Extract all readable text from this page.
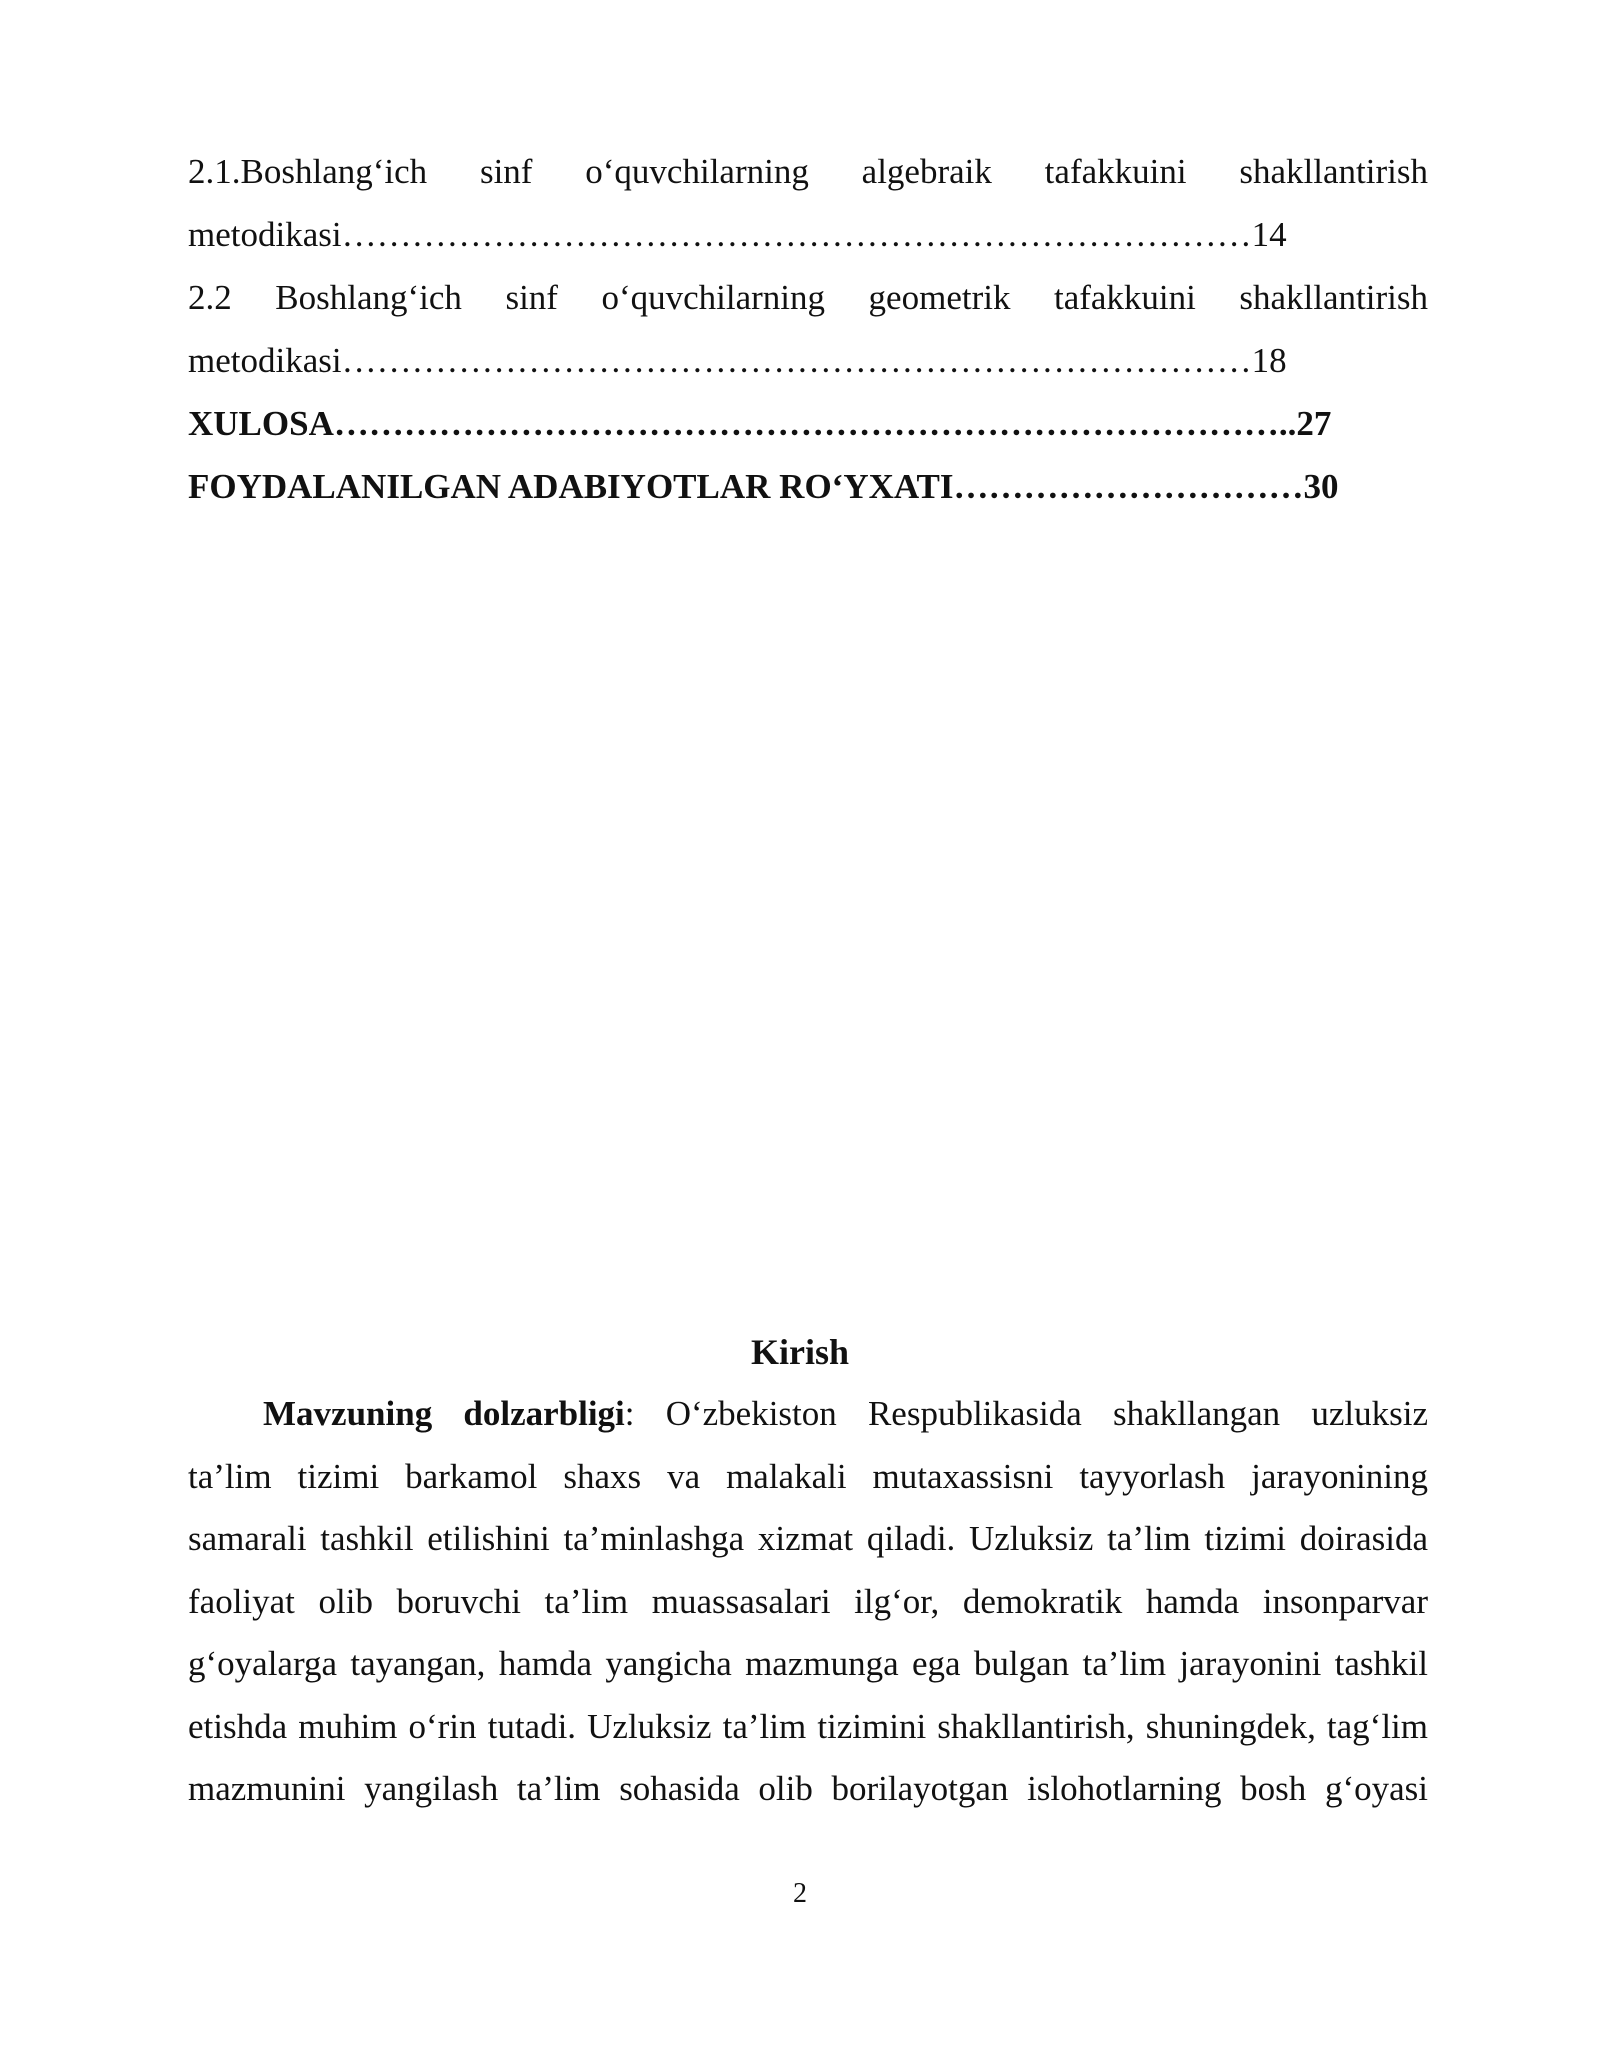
2.1.Boshlang‘ich sinf o‘quvchilarning algebraik tafakkuini shakllantirish
metodikasi……………………………………………………………………14
2.2 Boshlang‘ich sinf o‘quvchilarning geometrik tafakkuini shakllantirish
metodikasi……………………………………………………………………18
XULOSA………………………………………………………………………..27
FOYDALANILGAN ADABIYOTLAR RO‘YXATI…………………………30
Kirish
Mavzuning dolzarbligi: O‘zbekiston Respublikasida shakllangan uzluksiz
ta’lim tizimi barkamol shaxs va malakali mutaxassisni tayyorlash jarayonining
samarali tashkil etilishini ta’minlashga xizmat qiladi. Uzluksiz ta’lim tizimi doirasida
faoliyat olib boruvchi ta’lim muassasalari ilg‘or, demokratik hamda insonparvar
g‘oyalarga tayangan, hamda yangicha mazmunga ega bulgan ta’lim jarayonini tashkil
etishda muhim o‘rin tutadi. Uzluksiz ta’lim tizimini shakllantirish, shuningdek, tag‘lim
mazmunini yangilash ta’lim sohasida olib borilayotgan islohotlarning bosh g‘oyasi
2
